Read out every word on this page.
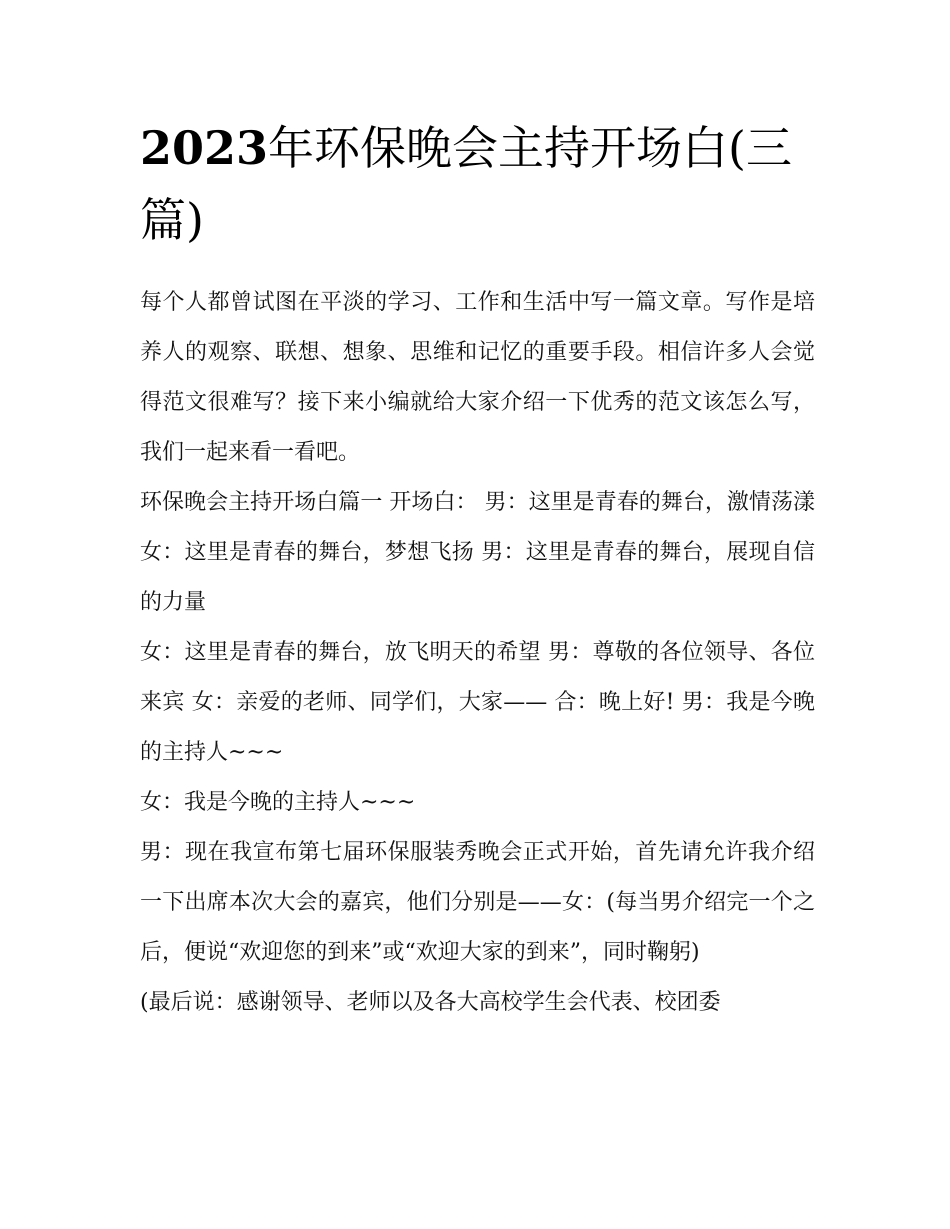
2023年环保晚会主持开场白(三篇)

每个人都曾试图在平淡的学习、工作和生活中写一篇文章。写作是培养人的观察、联想、想象、思维和记忆的重要手段。相信许多人会觉得范文很难写？接下来小编就给大家介绍一下优秀的范文该怎么写，我们一起来看一看吧。

环保晚会主持开场白篇一 开场白： 男：这里是青春的舞台，激情荡漾 女：这里是青春的舞台，梦想飞扬 男：这里是青春的舞台，展现自信的力量

女：这里是青春的舞台，放飞明天的希望 男：尊敬的各位领导、各位来宾 女：亲爱的老师、同学们，大家—— 合：晚上好! 男：我是今晚的主持人~~~

女：我是今晚的主持人~~~

男：现在我宣布第七届环保服装秀晚会正式开始，首先请允许我介绍一下出席本次大会的嘉宾，他们分别是——女：(每当男介绍完一个之后，便说“欢迎您的到来”或“欢迎大家的到来”，同时鞠躬)

(最后说：感谢领导、老师以及各大高校学生会代表、校团委
